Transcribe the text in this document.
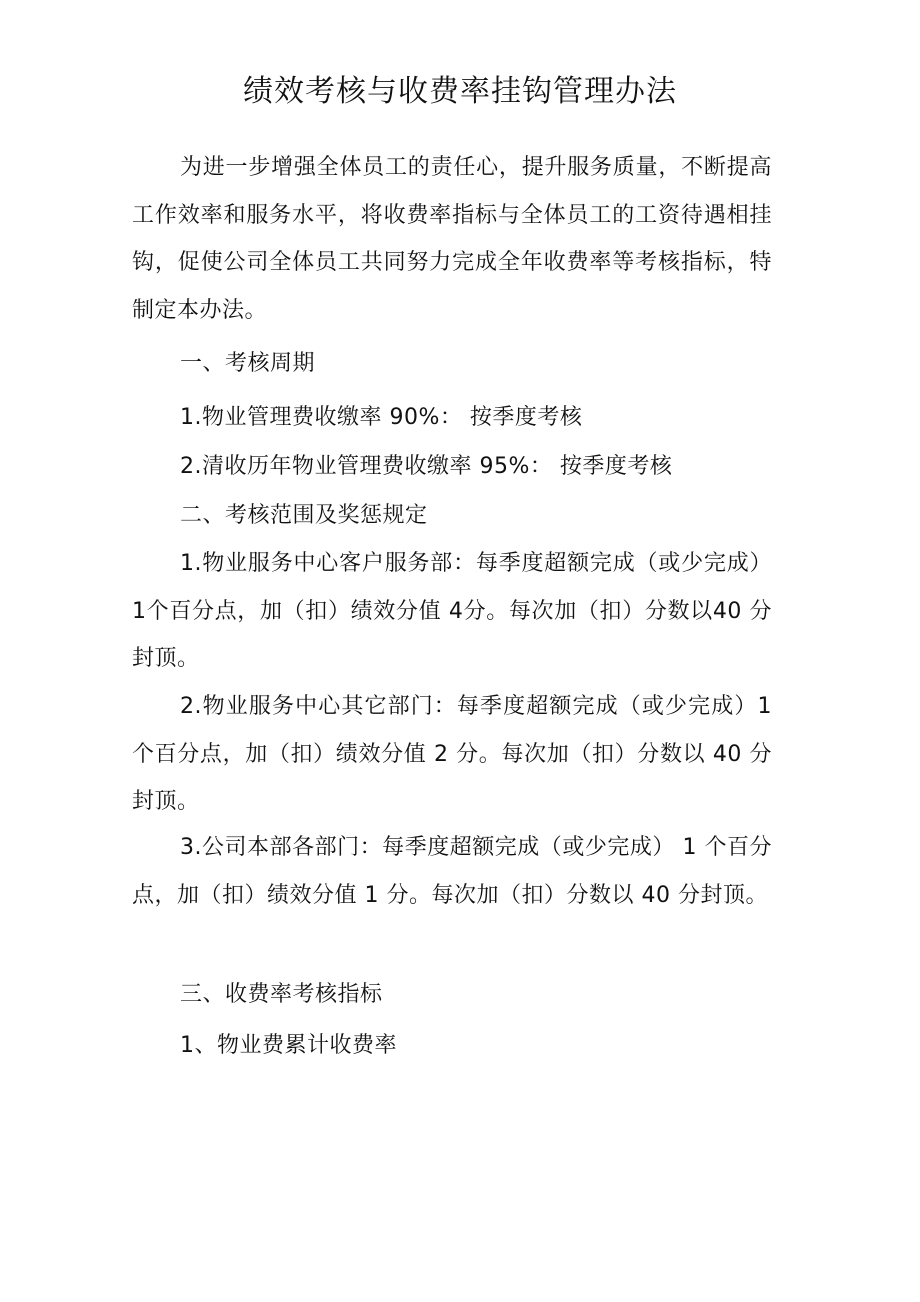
绩效考核与收费率挂钩管理办法

为进一步增强全体员工的责任心，提升服务质量，不断提高工作效率和服务水平，将收费率指标与全体员工的工资待遇相挂钩，促使公司全体员工共同努力完成全年收费率等考核指标，特制定本办法。

一、考核周期

1.物业管理费收缴率 90%： 按季度考核

2.清收历年物业管理费收缴率 95%： 按季度考核

二、考核范围及奖惩规定

1.物业服务中心客户服务部：每季度超额完成（或少完成）1个百分点，加（扣）绩效分值 4分。每次加（扣）分数以40 分封顶。

2.物业服务中心其它部门：每季度超额完成（或少完成）1 个百分点，加（扣）绩效分值 2 分。每次加（扣）分数以 40 分封顶。

3.公司本部各部门：每季度超额完成（或少完成） 1 个百分点，加（扣）绩效分值 1 分。每次加（扣）分数以 40 分封顶。

三、收费率考核指标

1、物业费累计收费率
